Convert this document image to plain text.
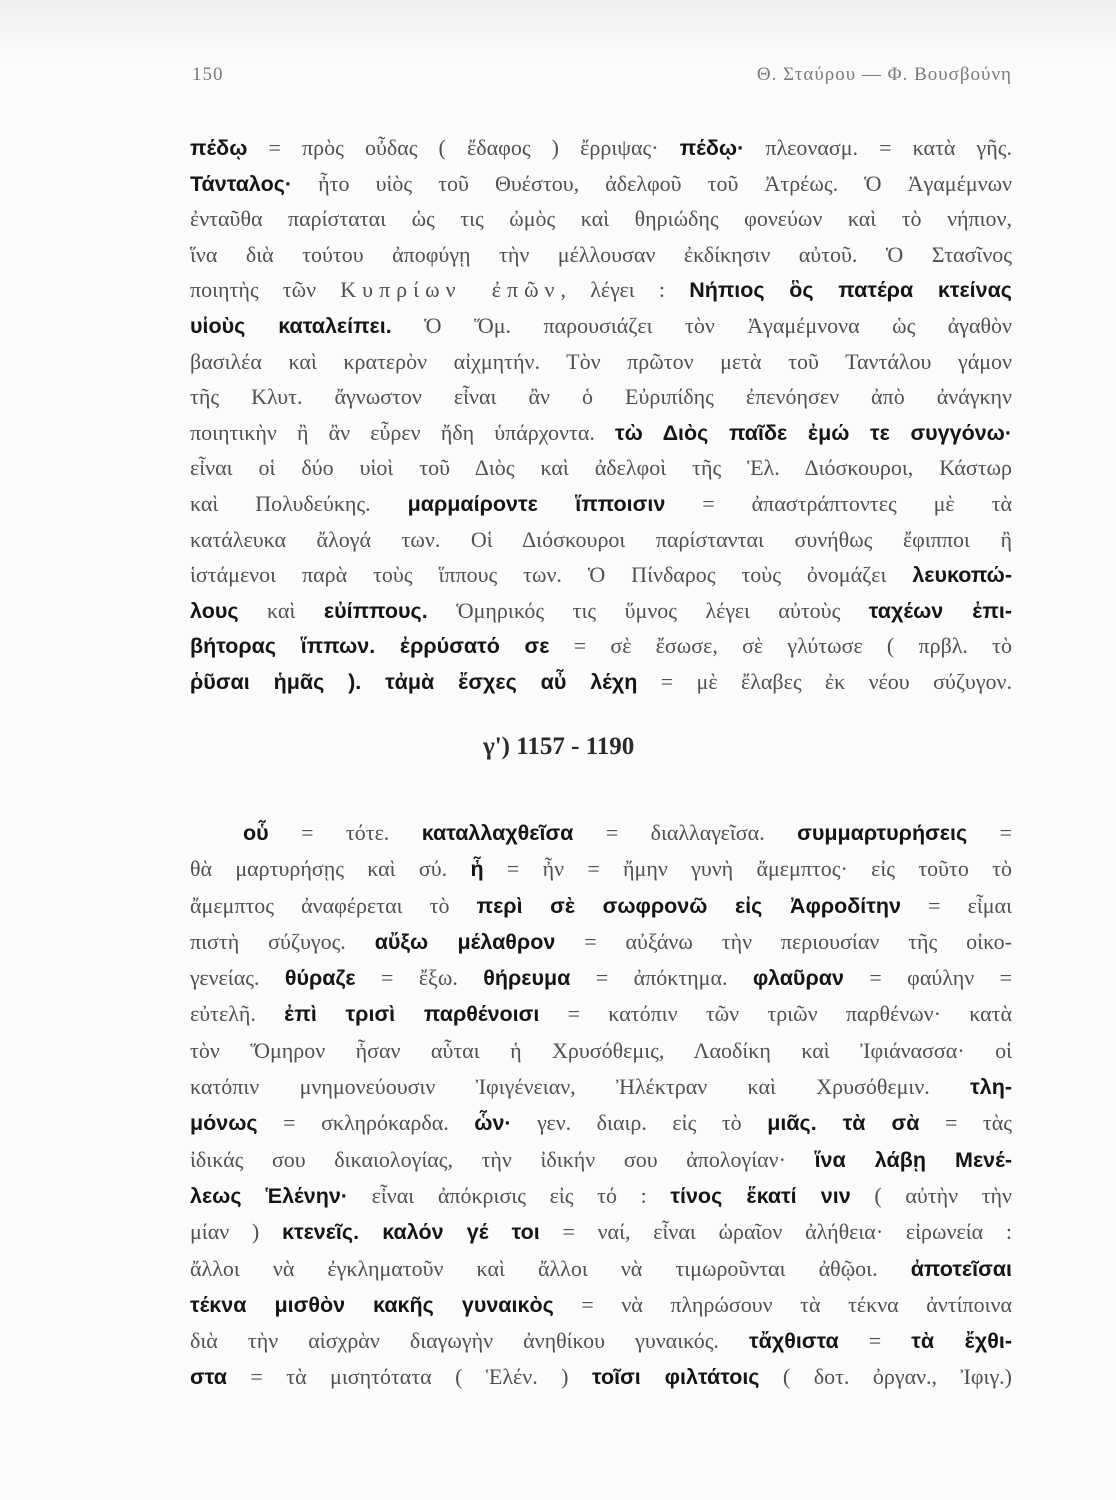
150	Θ. Σταύρου — Φ. Βουσβούνη
πέδῳ = πρὸς οὖδας ( ἔδαφος ) ἔρριψας· πέδῳ· πλεονασμ. = κατὰ γῆς.
Τάνταλος· ἦτο υἱὸς τοῦ Θυέστου, ἀδελφοῦ τοῦ Ἀτρέως. Ὁ Ἀγαμέμνων
ἐνταῦθα παρίσταται ὡς τις ὠμὸς καὶ θηριώδης φονεύων καὶ τὸ νήπιον,
ἵνα διὰ τούτου ἀποφύγῃ τὴν μέλλουσαν ἐκδίκησιν αὐτοῦ. Ὁ Στασῖνος
ποιητὴς τῶν Κυπρίων ἐπῶν, λέγει : Νήπιος ὃς πατέρα κτείνας
υἱοὺς καταλείπει. Ὁ Ὅμ. παρουσιάζει τὸν Ἀγαμέμνονα ὡς ἀγαθὸν
βασιλέα καὶ κρατερὸν αἰχμητήν. Τὸν πρῶτον μετὰ τοῦ Ταντάλου γάμον
τῆς Κλυτ. ἄγνωστον εἶναι ἂν ὁ Εὐριπίδης ἐπενόησεν ἀπὸ ἀνάγκην
ποιητικὴν ἢ ἂν εὗρεν ἤδη ὑπάρχοντα. τὼ Διὸς παῖδε ἐμώ τε συγγόνω·
εἶναι οἱ δύο υἱοὶ τοῦ Διὸς καὶ ἀδελφοὶ τῆς Ἑλ. Διόσκουροι, Κάστωρ
καὶ Πολυδεύκης. μαρμαίροντε ἵπποισιν = ἀπαστράπτοντες μὲ τὰ
κατάλευκα ἄλογά των. Οἱ Διόσκουροι παρίστανται συνήθως ἔφιπποι ἢ
ἱστάμενοι παρὰ τοὺς ἵππους των. Ὁ Πίνδαρος τοὺς ὀνομάζει λευκοπώ-
λους καὶ εὐίππους. Ὁμηρικός τις ὕμνος λέγει αὐτοὺς ταχέων ἐπι-
βήτορας ἵππων. ἐρρύσατό σε = σὲ ἔσωσε, σὲ γλύτωσε ( πρβλ. τὸ
ῥῦσαι ἡμᾶς ). τἀμὰ ἔσχες αὖ λέχη = μὲ ἔλαβες ἐκ νέου σύζυγον.
γ') 1157 - 1190
οὗ = τότε. καταλλαχθεῖσα = διαλλαγεῖσα. συμμαρτυρήσεις =
θὰ μαρτυρήσῃς καὶ σύ. ἦ = ἦν = ἤμην γυνὴ ἄμεμπτος· εἰς τοῦτο τὸ
ἄμεμπτος ἀναφέρεται τὸ περὶ σὲ σωφρονῶ εἰς Ἀφροδίτην = εἶμαι
πιστὴ σύζυγος. αὔξω μέλαθρον = αὐξάνω τὴν περιουσίαν τῆς οἰκο-
γενείας. θύραζε = ἔξω. θήρευμα = ἀπόκτημα. φλαῦραν = φαύλην =
εὐτελῆ. ἐπὶ τρισὶ παρθένοισι = κατόπιν τῶν τριῶν παρθένων· κατὰ
τὸν Ὅμηρον ἦσαν αὗται ἡ Χρυσόθεμις, Λαοδίκη καὶ Ἰφιάνασσα· οἱ
κατόπιν μνημονεύουσιν Ἰφιγένειαν, Ἠλέκτραν καὶ Χρυσόθεμιν. τλη-
μόνως = σκληρόκαρδα. ὧν· γεν. διαιρ. εἰς τὸ μιᾶς. τὰ σὰ = τὰς
ἰδικάς σου δικαιολογίας, τὴν ἰδικήν σου ἀπολογίαν· ἵνα λάβῃ Μενέ-
λεως Ἑλένην· εἶναι ἀπόκρισις εἰς τό : τίνος ἕκατί νιν ( αὐτὴν τὴν
μίαν ) κτενεῖς. καλόν γέ τοι = ναί, εἶναι ὡραῖον ἀλήθεια· εἰρωνεία :
ἄλλοι νὰ ἐγκληματοῦν καὶ ἄλλοι νὰ τιμωροῦνται ἀθῷοι. ἀποτεῖσαι
τέκνα μισθὸν κακῆς γυναικὸς = νὰ πληρώσουν τὰ τέκνα ἀντίποινα
διὰ τὴν αἰσχρὰν διαγωγὴν ἀνηθίκου γυναικός. τἄχθιστα = τὰ ἔχθι-
στα = τὰ μισητότατα ( Ἑλέν. ) τοῖσι φιλτάτοις ( δοτ. ὀργαν., Ἰφιγ.)
